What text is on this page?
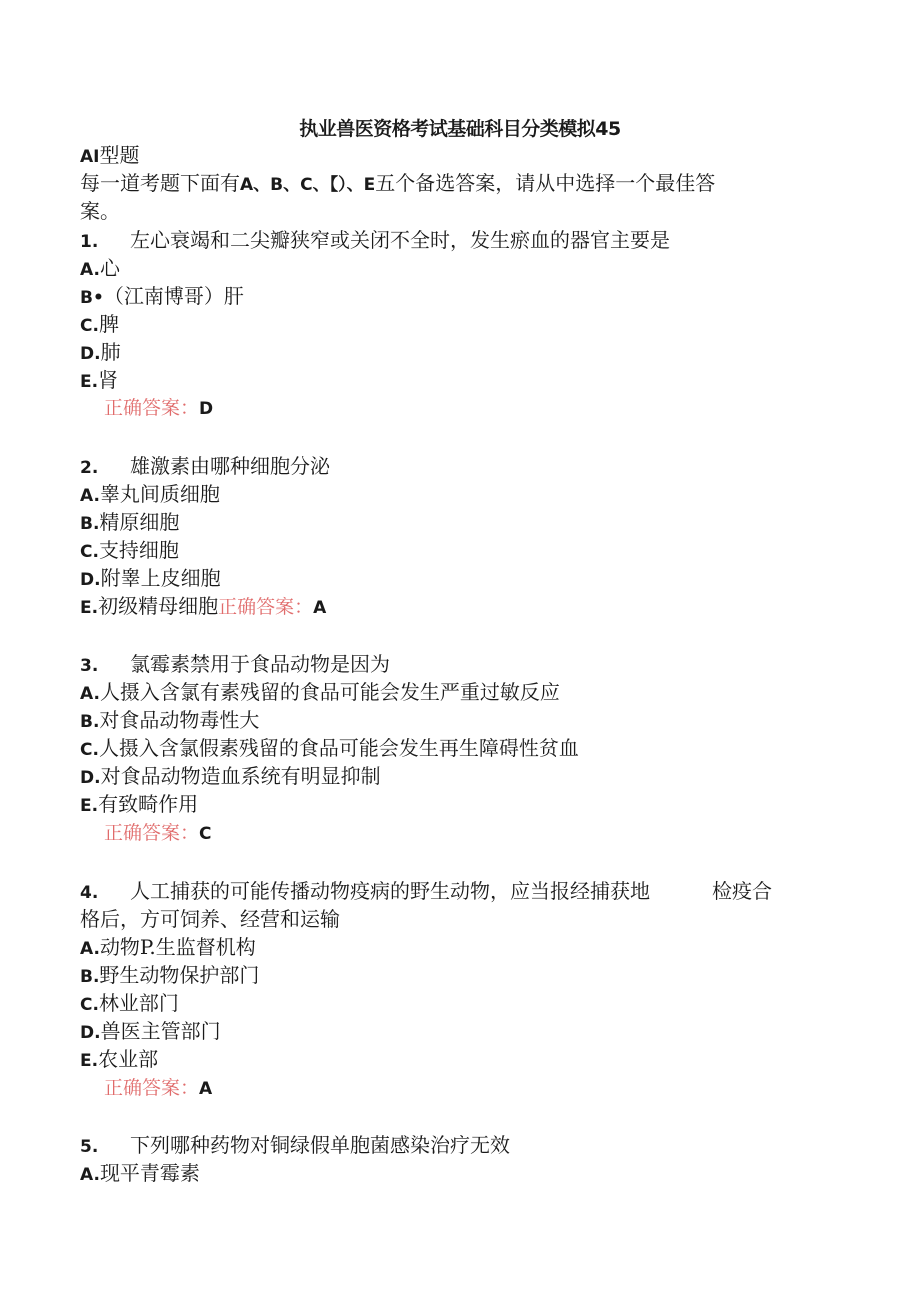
执业兽医资格考试基础科目分类模拟45
AI型题
每一道考题下面有A、B、C、【）、E五个备选答案，请从中选择一个最佳答
案。
1. 左心衰竭和二尖瓣狭窄或关闭不全时，发生瘀血的器官主要是
A.心
B•（江南博哥）肝
C.脾
D.肺
E.肾
正确答案：D
2. 雄激素由哪种细胞分泌
A.睾丸间质细胞
B.精原细胞
C.支持细胞
D.附睾上皮细胞
E.初级精母细胞正确答案：A
3. 氯霉素禁用于食品动物是因为
A.人摄入含氯有素残留的食品可能会发生严重过敏反应
B.对食品动物毒性大
C.人摄入含氯假素残留的食品可能会发生再生障碍性贫血
D.对食品动物造血系统有明显抑制
E.有致畸作用
正确答案：C
4. 人工捕获的可能传播动物疫病的野生动物，应当报经捕获地	检疫合
格后，方可饲养、经营和运输
A.动物P.生监督机构
B.野生动物保护部门
C.林业部门
D.兽医主管部门
E.农业部
正确答案：A
5. 下列哪种药物对铜绿假单胞菌感染治疗无效
A.现平青霉素
